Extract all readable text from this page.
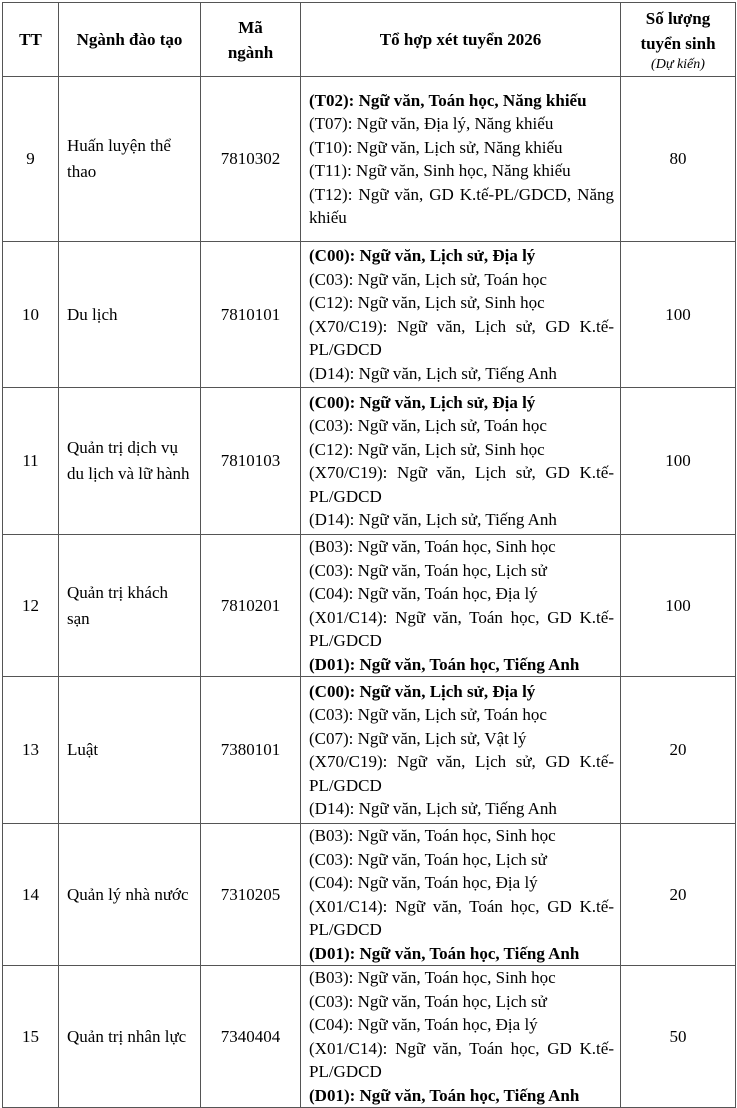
TT	Ngành đào tạo	Mã ngành	Tổ hợp xét tuyển 2026	Số lượng tuyển sinh
(Dự kiến)

9	Huấn luyện thể thao	7810302	(T02): Ngữ văn, Toán học, Năng khiếu
(T07): Ngữ văn, Địa lý, Năng khiếu
(T10): Ngữ văn, Lịch sử, Năng khiếu
(T11): Ngữ văn, Sinh học, Năng khiếu
(T12): Ngữ văn, GD K.tế-PL/GDCD, Năng khiếu	80
10	Du lịch	7810101	(C00): Ngữ văn, Lịch sử, Địa lý
(C03): Ngữ văn, Lịch sử, Toán học
(C12): Ngữ văn, Lịch sử, Sinh học
(X70/C19): Ngữ văn, Lịch sử, GD K.tế-PL/GDCD
(D14): Ngữ văn, Lịch sử, Tiếng Anh	100
11	Quản trị dịch vụ du lịch và lữ hành	7810103	(C00): Ngữ văn, Lịch sử, Địa lý
(C03): Ngữ văn, Lịch sử, Toán học
(C12): Ngữ văn, Lịch sử, Sinh học
(X70/C19): Ngữ văn, Lịch sử, GD K.tế-PL/GDCD
(D14): Ngữ văn, Lịch sử, Tiếng Anh	100
12	Quản trị khách sạn	7810201	(B03): Ngữ văn, Toán học, Sinh học
(C03): Ngữ văn, Toán học, Lịch sử
(C04): Ngữ văn, Toán học, Địa lý
(X01/C14): Ngữ văn, Toán học, GD K.tế-PL/GDCD
(D01): Ngữ văn, Toán học, Tiếng Anh	100
13	Luật	7380101	(C00): Ngữ văn, Lịch sử, Địa lý
(C03): Ngữ văn, Lịch sử, Toán học
(C07): Ngữ văn, Lịch sử, Vật lý
(X70/C19): Ngữ văn, Lịch sử, GD K.tế-PL/GDCD
(D14): Ngữ văn, Lịch sử, Tiếng Anh	20
14	Quản lý nhà nước	7310205	(B03): Ngữ văn, Toán học, Sinh học
(C03): Ngữ văn, Toán học, Lịch sử
(C04): Ngữ văn, Toán học, Địa lý
(X01/C14): Ngữ văn, Toán học, GD K.tế-PL/GDCD
(D01): Ngữ văn, Toán học, Tiếng Anh	20
15	Quản trị nhân lực	7340404	(B03): Ngữ văn, Toán học, Sinh học
(C03): Ngữ văn, Toán học, Lịch sử
(C04): Ngữ văn, Toán học, Địa lý
(X01/C14): Ngữ văn, Toán học, GD K.tế-PL/GDCD
(D01): Ngữ văn, Toán học, Tiếng Anh	50
